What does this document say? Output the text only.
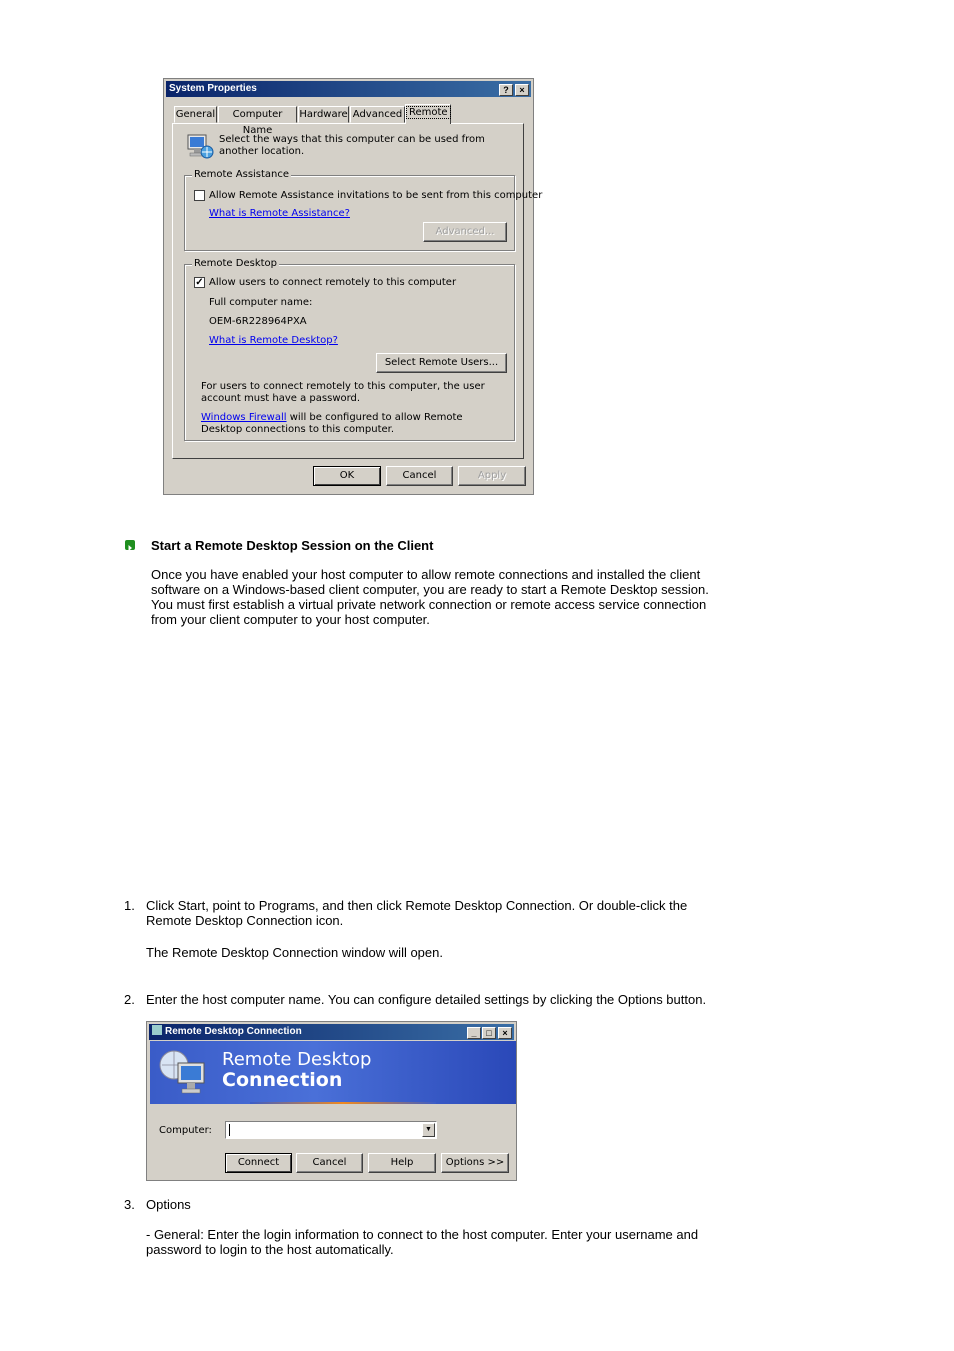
System Properties	?	×
General	Computer Name
Hardware Advanced Remote
Select the ways that this computer can be used from another location.
Remote Assistance
Allow Remote Assistance invitations to be sent from this computer
What is Remote Assistance?
Advanced...
Remote Desktop
✓ Allow users to connect remotely to this computer
Full computer name:
OEM-6R228964PXA
What is Remote Desktop?
Select Remote Users...
For users to connect remotely to this computer, the user account must have a password.
Windows Firewall will be configured to allow Remote Desktop connections to this computer.
OK	Cancel	Apply
Start a Remote Desktop Session on the Client
Once you have enabled your host computer to allow remote connections and installed the client software on a Windows-based client computer, you are ready to start a Remote Desktop session. You must first establish a virtual private network connection or remote access service connection from your client computer to your host computer.
1. Click Start, point to Programs, and then click Remote Desktop Connection. Or double-click the Remote Desktop Connection icon.
The Remote Desktop Connection window will open.
2. Enter the host computer name. You can configure detailed settings by clicking the Options button.
Remote Desktop Connection	_	□	×
Remote Desktop
Connection
Computer:	▼
Connect	Cancel	Help	Options >>
3. Options
- General: Enter the login information to connect to the host computer. Enter your username and password to login to the host automatically.
